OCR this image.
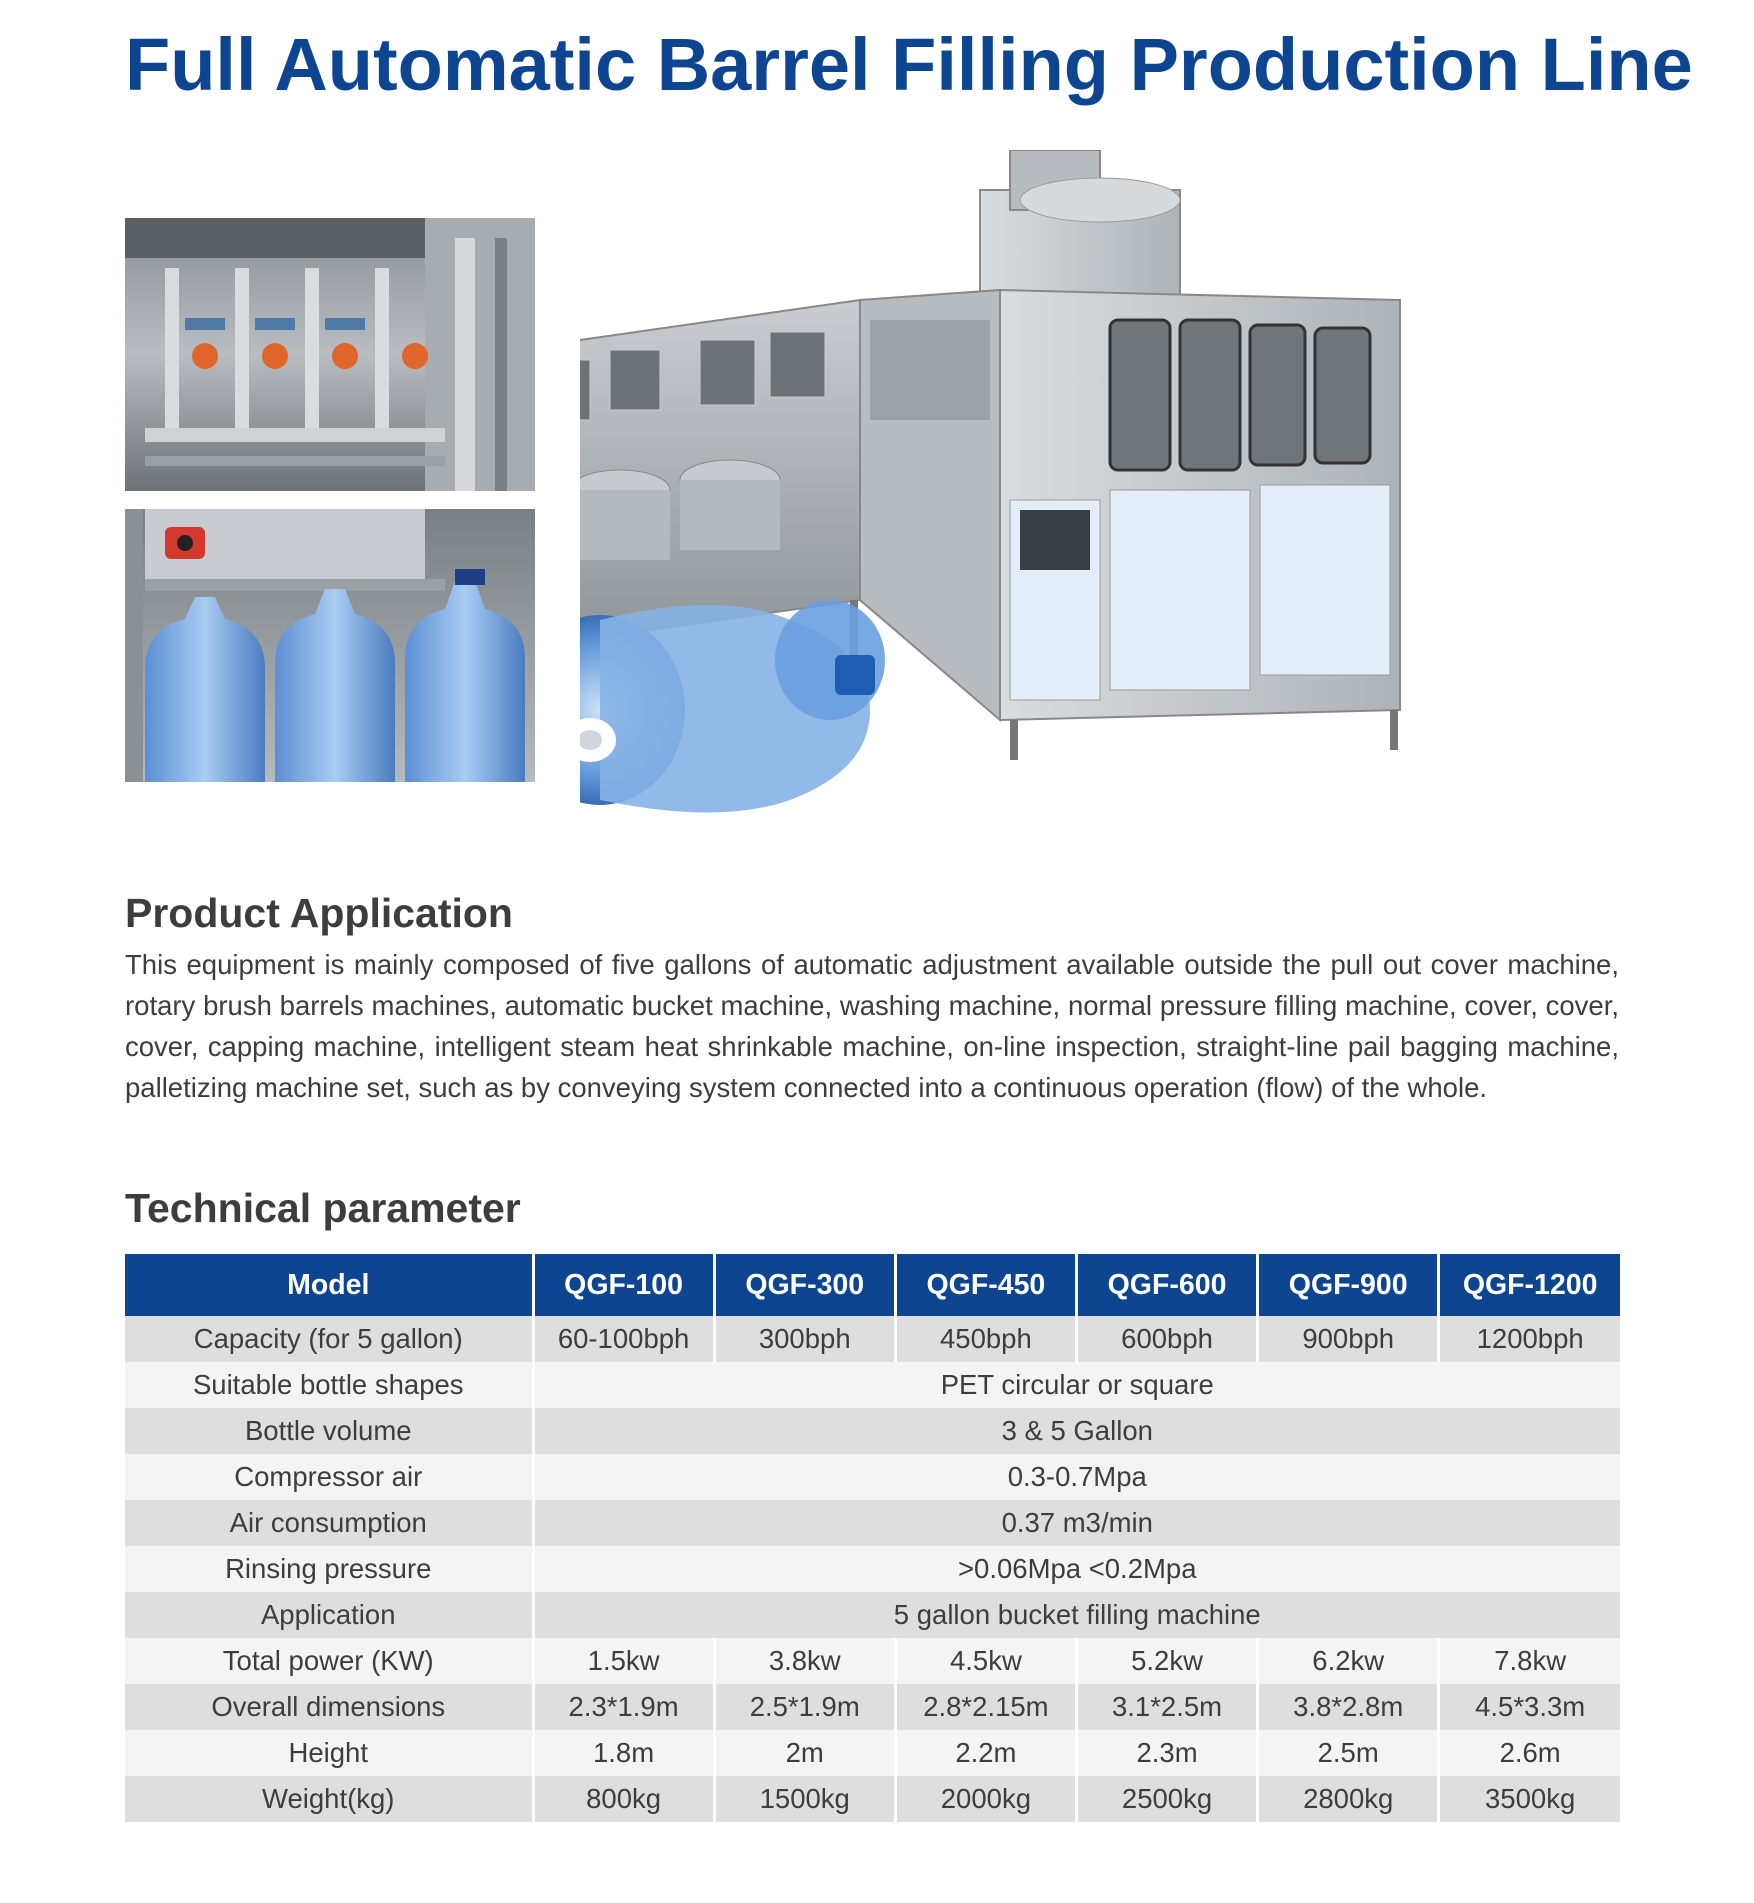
Full Automatic Barrel Filling Production Line
Product Application

This equipment is mainly composed of five gallons of automatic adjustment available outside the pull out cover machine, rotary brush barrels machines, automatic bucket machine, washing machine, normal pressure filling machine, cover, cover, cover, capping machine, intelligent steam heat shrinkable machine, on-line inspection, straight-line pail bagging machine, palletizing machine set, such as by conveying system connected into a continuous operation (flow) of the whole.

Technical parameter
Model	QGF-100	QGF-300	QGF-450	QGF-600	QGF-900	QGF-1200
Capacity (for 5 gallon)	60-100bph	300bph	450bph	600bph	900bph	1200bph
Suitable bottle shapes	PET circular or square					
Bottle volume	3 & 5 Gallon					
Compressor air	0.3-0.7Mpa					
Air consumption	0.37 m3/min					
Rinsing pressure	>0.06Mpa <0.2Mpa					
Application	5 gallon bucket filling machine					
Total power (KW)	1.5kw	3.8kw	4.5kw	5.2kw	6.2kw	7.8kw
Overall dimensions	2.3*1.9m	2.5*1.9m	2.8*2.15m	3.1*2.5m	3.8*2.8m	4.5*3.3m
Height	1.8m	2m	2.2m	2.3m	2.5m	2.6m
Weight(kg)	800kg	1500kg	2000kg	2500kg	2800kg	3500kg
